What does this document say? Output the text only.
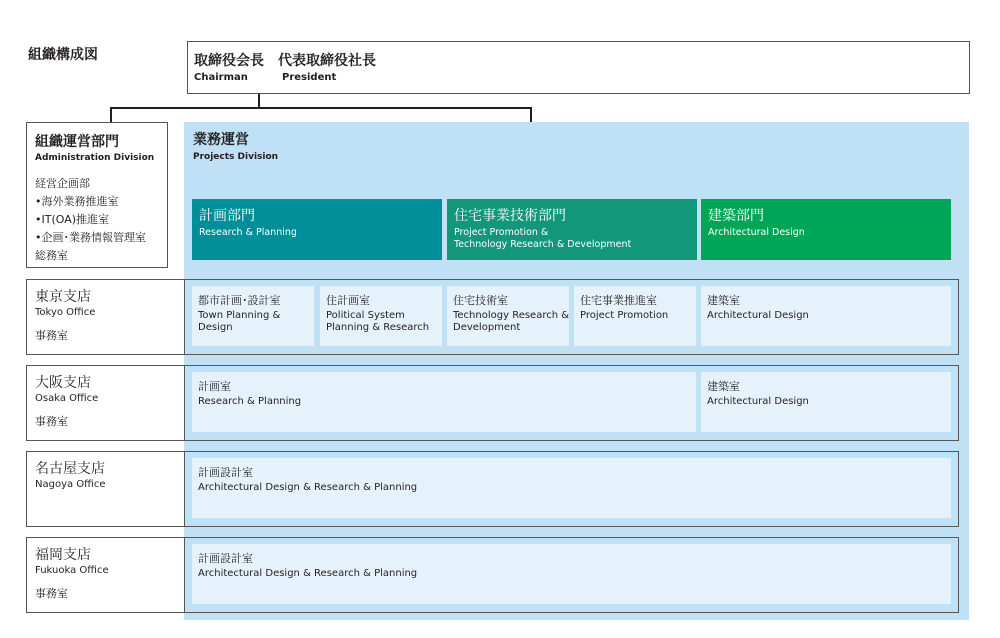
組織構成図	取締役会長　代表取締役社長
Chairman	President
組織運営部門
Administration Division
経営企画部
•海外業務推進室
•IT(OA)推進室
•企画･業務情報管理室
総務室
業務運営
Projects Division
計画部門
Research & Planning
住宅事業技術部門
Project Promotion &
Technology Research & Development
建築部門
Architectural Design
東京支店
Tokyo Office
事務室
都市計画･設計室
Town Planning &
Design
住計画室
Political System
Planning & Research
住宅技術室
Technology Research &
Development
住宅事業推進室
Project Promotion
建築室
Architectural Design
大阪支店
Osaka Office
事務室
計画室
Research & Planning
建築室
Architectural Design
名古屋支店
Nagoya Office
計画設計室
Architectural Design & Research & Planning
福岡支店
Fukuoka Office
事務室
計画設計室
Architectural Design & Research & Planning
